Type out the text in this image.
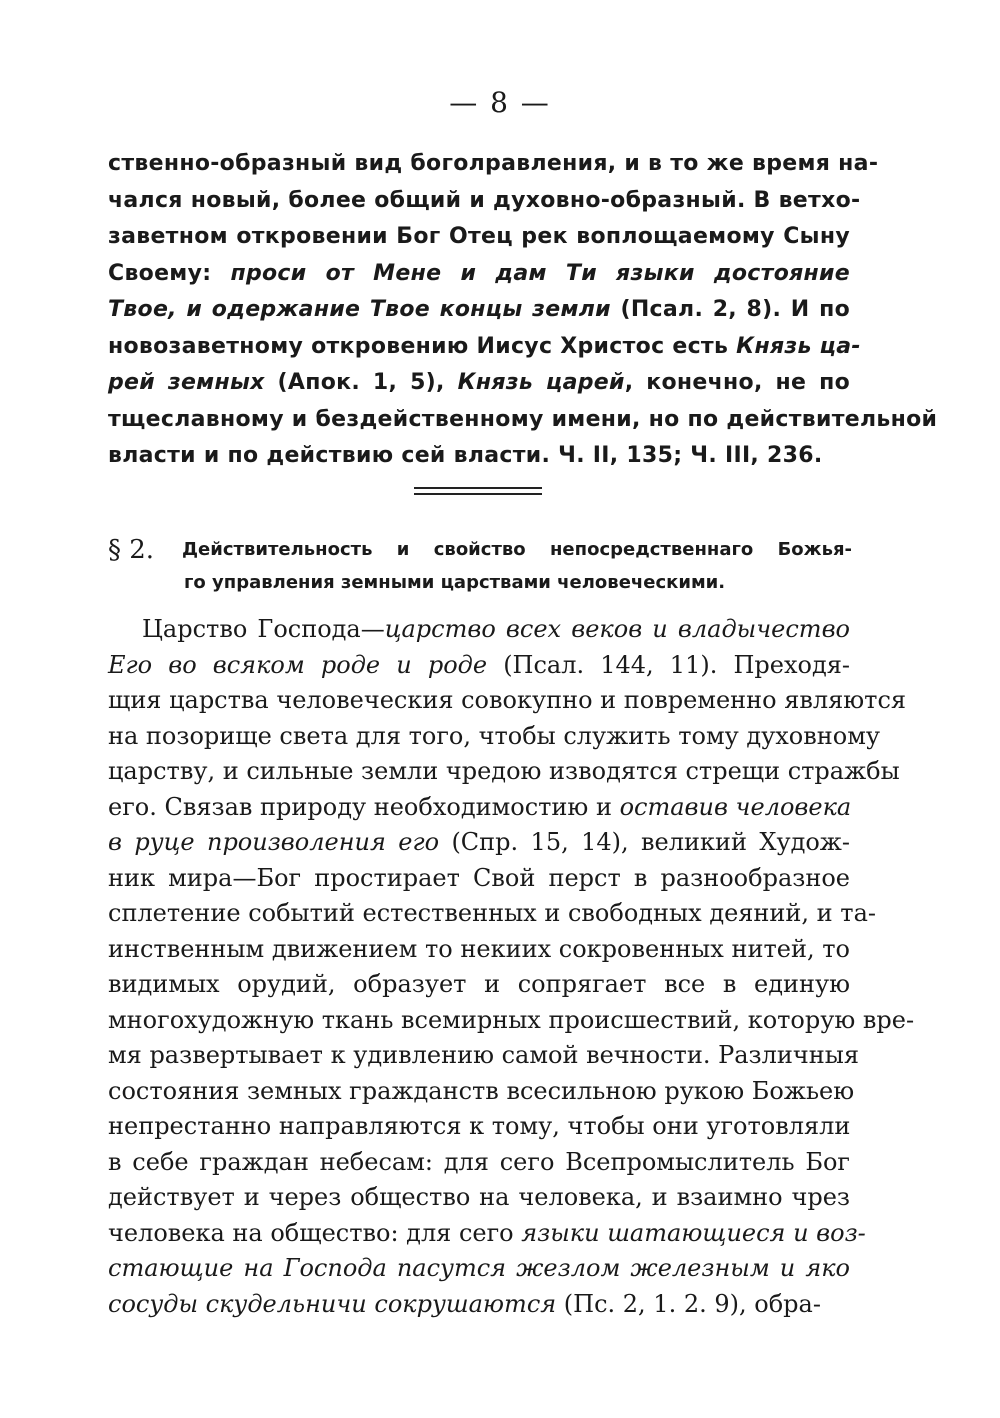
— 8 —
ственно-образный вид боголравления, и в то же время на-
чался новый, более общий и духовно-образный. В ветхо-
заветном откровении Бог Отец рек воплощаемому Сыну
Своему: проси от Мене и дам Ти языки достояние
Твое, и одержание Твое концы земли (Псал. 2, 8). И по
новозаветному откровению Иисус Христос есть Князь ца-
рей земных (Апок. 1, 5), Князь царей, конечно, не по
тщеславному и бездейственному имени, но по действительной
власти и по действию сей власти. Ч. II, 135; Ч. III, 236.
§ 2.	Действительность и свойство непосредственнаго Божья-
го управления земными царствами человеческими.
Царство Господа—царство всех веков и владычество
Его во всяком роде и роде (Псал. 144, 11). Преходя-
щия царства человеческия совокупно и повременно являются
на позорище света для того, чтобы служить тому духовному
царству, и сильные земли чредою изводятся стрещи стражбы
его. Связав природу необходимостию и оставив человека
в руце произволения его (Спр. 15, 14), великий Худож-
ник мира—Бог простирает Свой перст в разнообразное
сплетение событий естественных и свободных деяний, и та-
инственным движением то некиих сокровенных нитей, то
видимых орудий, образует и сопрягает все в единую
многохудожную ткань всемирных происшествий, которую вре-
мя развертывает к удивлению самой вечности. Различныя
состояния земных гражданств всесильною рукою Божьею
непрестанно направляются к тому, чтобы они уготовляли
в себе граждан небесам: для сего Всепромыслитель Бог
действует и через общество на человека, и взаимно чрез
человека на общество: для сего языки шатающиеся и воз-
стающие на Господа пасутся жезлом железным и яко
сосуды скудельничи сокрушаются (Пс. 2, 1. 2. 9), обра-
